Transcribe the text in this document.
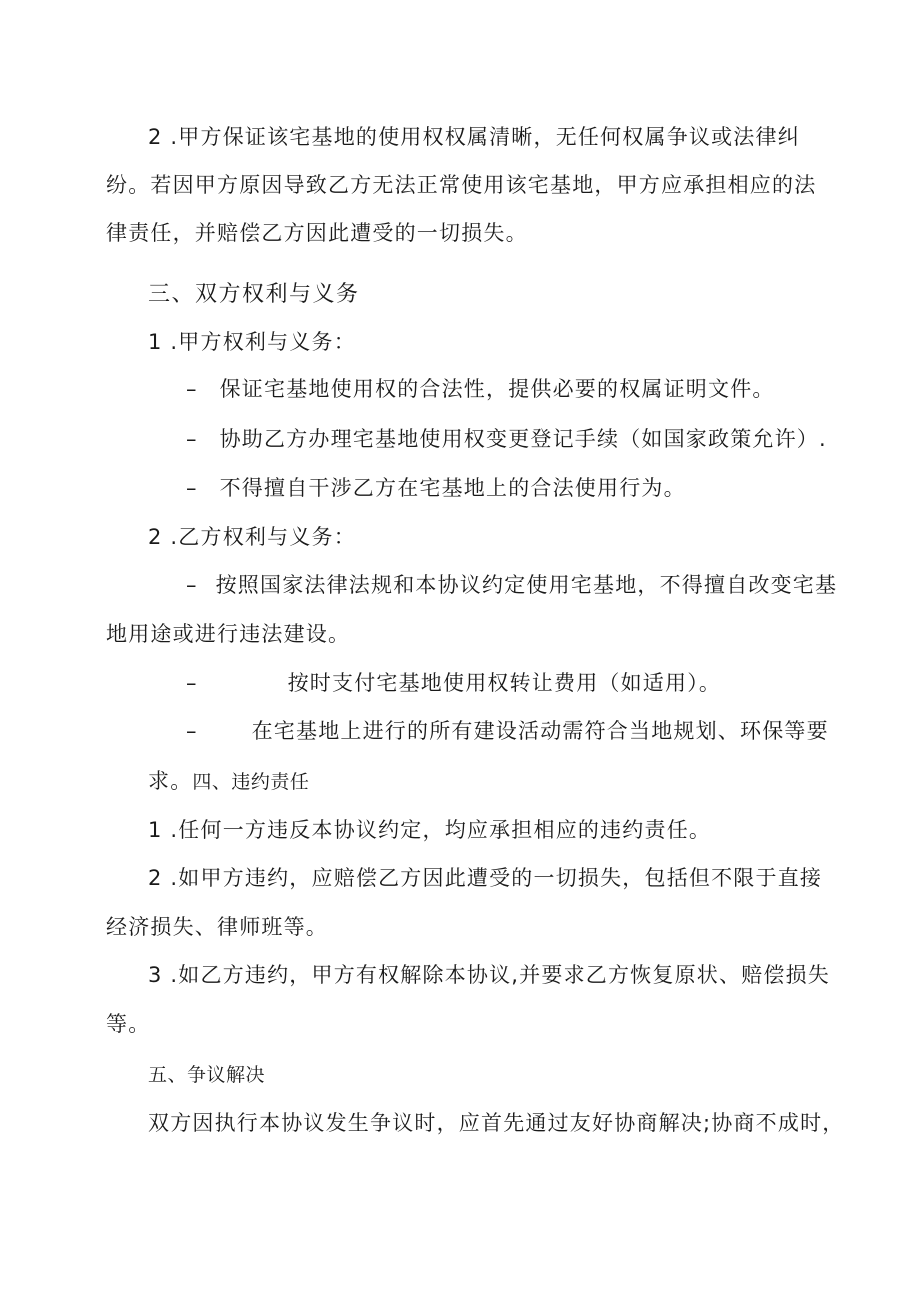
2 .甲方保证该宅基地的使用权权属清晰，无任何权属争议或法律纠
纷。若因甲方原因导致乙方无法正常使用该宅基地，甲方应承担相应的法
律责任，并赔偿乙方因此遭受的一切损失。
三、双方权利与义务
1 .甲方权利与义务：
– 保证宅基地使用权的合法性，提供必要的权属证明文件。
– 协助乙方办理宅基地使用权变更登记手续（如国家政策允许）.
– 不得擅自干涉乙方在宅基地上的合法使用行为。
2 .乙方权利与义务：
– 按照国家法律法规和本协议约定使用宅基地，不得擅自改变宅基
地用途或进行违法建设。
–	按时支付宅基地使用权转让费用（如适用）。
–	在宅基地上进行的所有建设活动需符合当地规划、环保等要
求。四、违约责任
1 .任何一方违反本协议约定，均应承担相应的违约责任。
2 .如甲方违约，应赔偿乙方因此遭受的一切损失，包括但不限于直接
经济损失、律师班等。
3 .如乙方违约，甲方有权解除本协议,并要求乙方恢复原状、赔偿损失
等。
五、争议解决
双方因执行本协议发生争议时，应首先通过友好协商解决;协商不成时，
